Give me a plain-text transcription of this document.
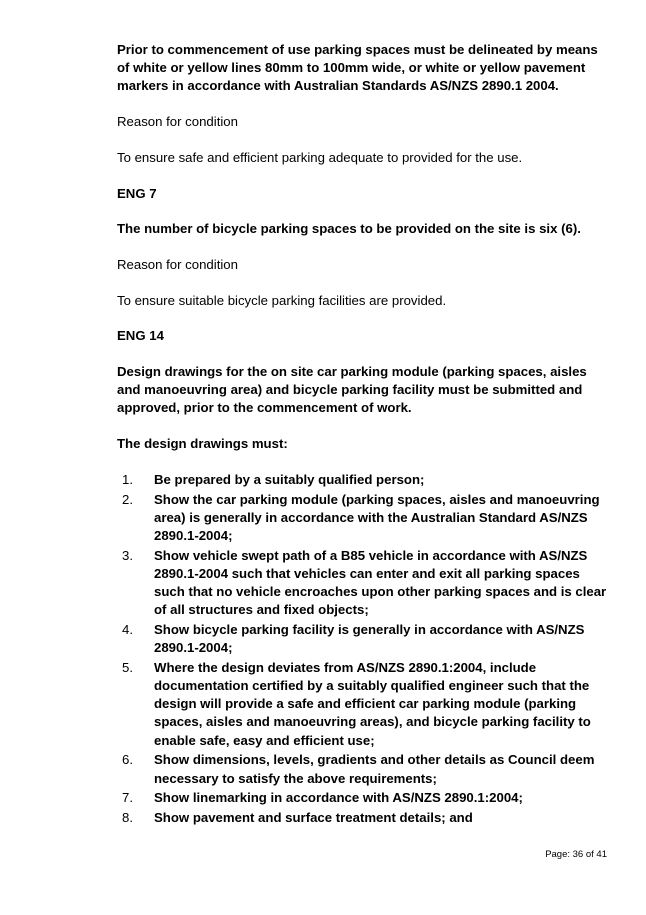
Prior to commencement of use parking spaces must be delineated by means of white or yellow lines 80mm to 100mm wide, or white or yellow pavement markers in accordance with Australian Standards AS/NZS 2890.1 2004.

Reason for condition

To ensure safe and efficient parking adequate to provided for the use.

ENG 7

The number of bicycle parking spaces to be provided on the site is six (6).

Reason for condition

To ensure suitable bicycle parking facilities are provided.

ENG 14

Design drawings for the on site car parking module (parking spaces, aisles and manoeuvring area) and bicycle parking facility must be submitted and approved, prior to the commencement of work.

The design drawings must:

1. Be prepared by a suitably qualified person;
2. Show the car parking module (parking spaces, aisles and manoeuvring area) is generally in accordance with the Australian Standard AS/NZS 2890.1-2004;
3. Show vehicle swept path of a B85 vehicle in accordance with AS/NZS 2890.1-2004 such that vehicles can enter and exit all parking spaces such that no vehicle encroaches upon other parking spaces and is clear of all structures and fixed objects;
4. Show bicycle parking facility is generally in accordance with AS/NZS 2890.1-2004;
5. Where the design deviates from AS/NZS 2890.1:2004, include documentation certified by a suitably qualified engineer such that the design will provide a safe and efficient car parking module (parking spaces, aisles and manoeuvring areas), and bicycle parking facility to enable safe, easy and efficient use;
6. Show dimensions, levels, gradients and other details as Council deem necessary to satisfy the above requirements;
7. Show linemarking in accordance with AS/NZS 2890.1:2004;
8. Show pavement and surface treatment details; and
Page: 36 of 41
